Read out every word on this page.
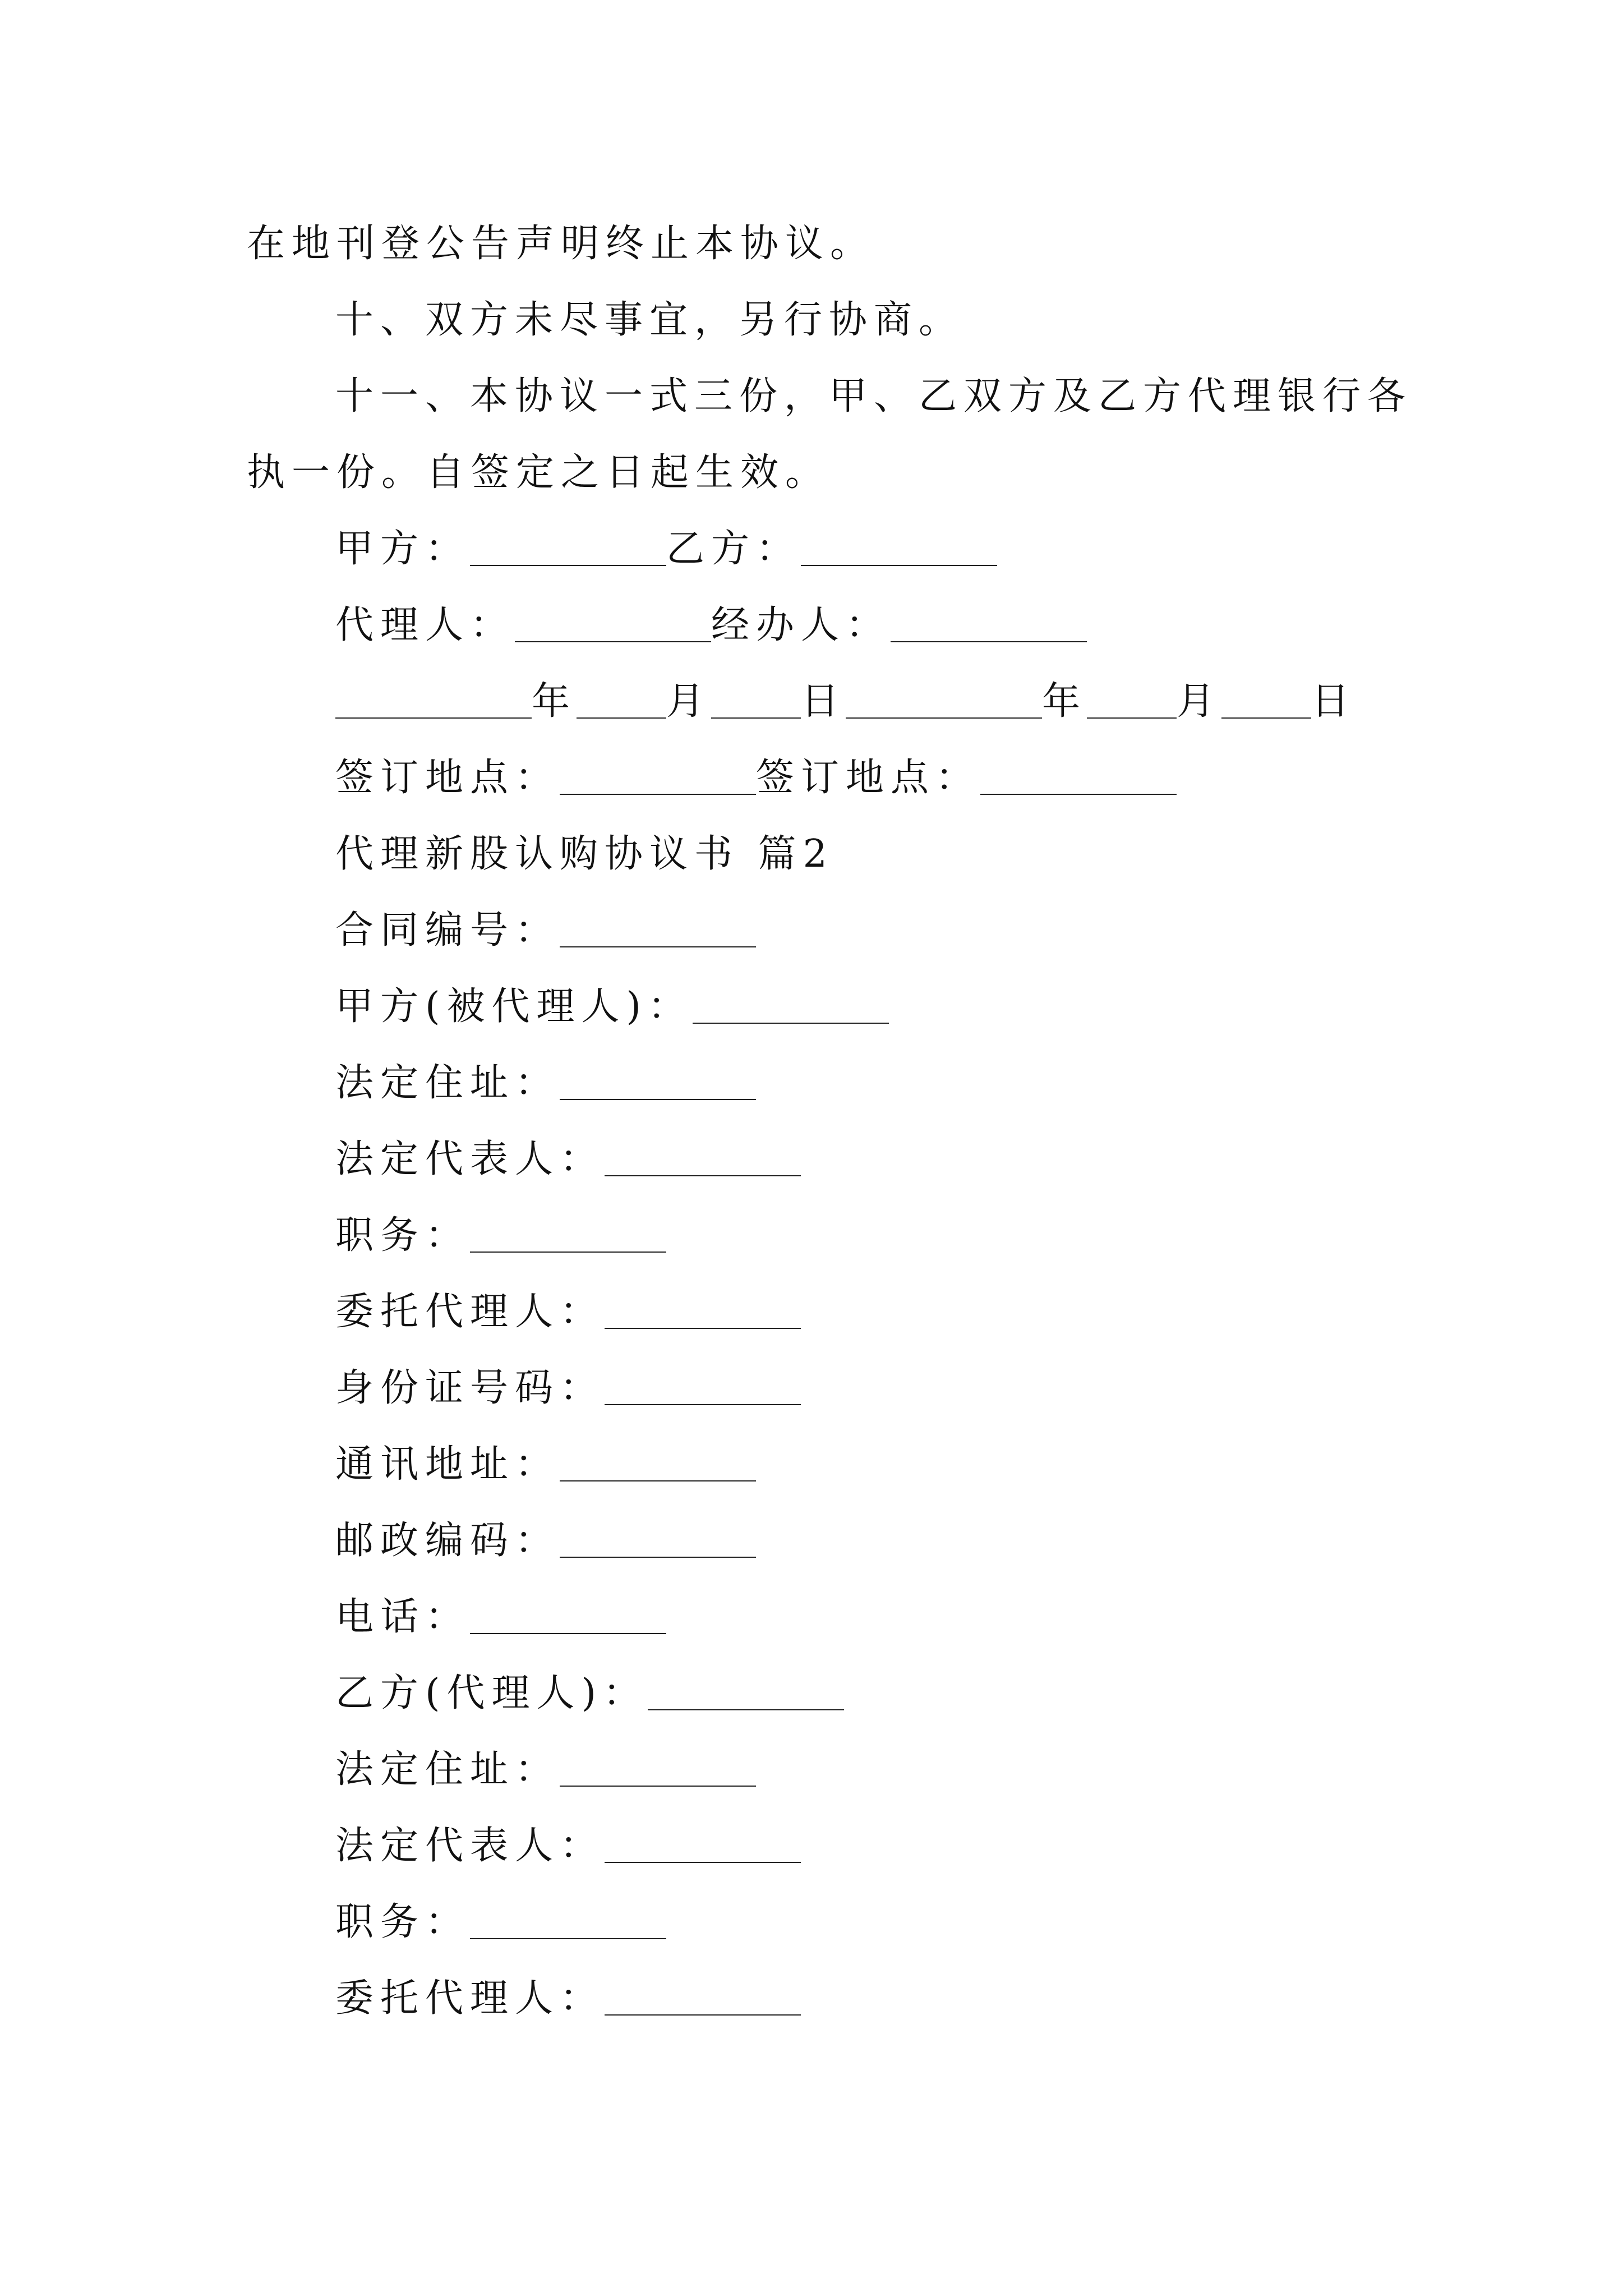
在地刊登公告声明终止本协议。
十、双方未尽事宜，另行协商。
十一、本协议一式三份，甲、乙双方及乙方代理银行各
执一份。自签定之日起生效。
甲方：	乙方：
代理人：	经办人：
年 月 日	年 月 日
签订地点：	签订地点：
代理新股认购协议书 篇2
合同编号：
甲方(被代理人)：
法定住址：
法定代表人：
职务：
委托代理人：
身份证号码：
通讯地址：
邮政编码：
电话：
乙方(代理人)：
法定住址：
法定代表人：
职务：
委托代理人：
